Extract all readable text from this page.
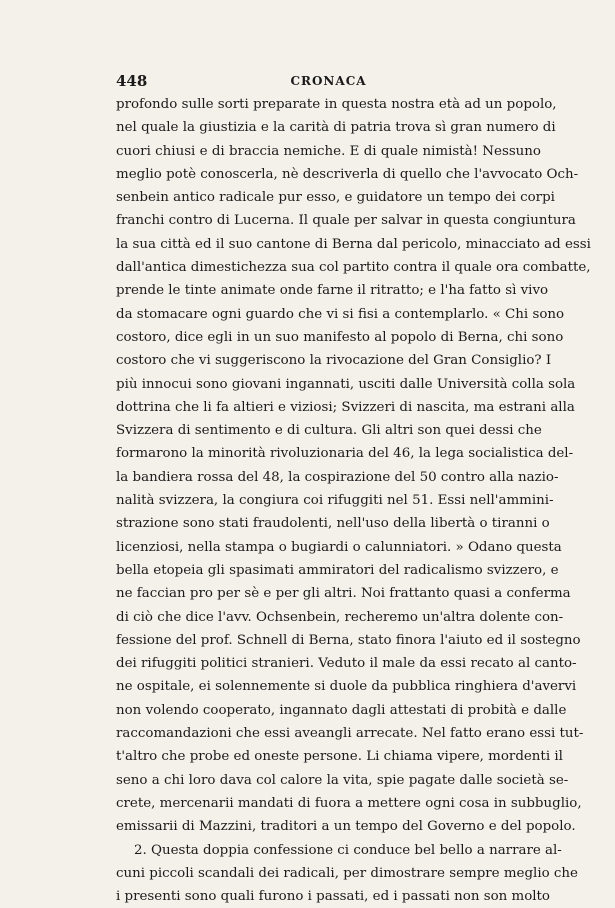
448	CRONACA
profondo sulle sorti preparate in questa nostra età ad un popolo,
nel quale la giustizia e la carità di patria trova sì gran numero di
cuori chiusi e di braccia nemiche. E di quale nimistà! Nessuno
meglio potè conoscerla, nè descriverla di quello che l'avvocato Och-
senbein antico radicale pur esso, e guidatore un tempo dei corpi
franchi contro di Lucerna. Il quale per salvar in questa congiuntura
la sua città ed il suo cantone di Berna dal pericolo, minacciato ad essi
dall'antica dimestichezza sua col partito contra il quale ora combatte,
prende le tinte animate onde farne il ritratto; e l'ha fatto sì vivo
da stomacare ogni guardo che vi si fisi a contemplarlo. « Chi sono
costoro, dice egli in un suo manifesto al popolo di Berna, chi sono
costoro che vi suggeriscono la rivocazione del Gran Consiglio? I
più innocui sono giovani ingannati, usciti dalle Università colla sola
dottrina che li fa altieri e viziosi; Svizzeri di nascita, ma estrani alla
Svizzera di sentimento e di cultura. Gli altri son quei dessi che
formarono la minorità rivoluzionaria del 46, la lega socialistica del-
la bandiera rossa del 48, la cospirazione del 50 contro alla nazio-
nalità svizzera, la congiura coi rifuggiti nel 51. Essi nell'ammini-
strazione sono stati fraudolenti, nell'uso della libertà o tiranni o
licenziosi, nella stampa o bugiardi o calunniatori. » Odano questa
bella etopeia gli spasimati ammiratori del radicalismo svizzero, e
ne faccian pro per sè e per gli altri. Noi frattanto quasi a conferma
di ciò che dice l'avv. Ochsenbein, recheremo un'altra dolente con-
fessione del prof. Schnell di Berna, stato finora l'aiuto ed il sostegno
dei rifuggiti politici stranieri. Veduto il male da essi recato al canto-
ne ospitale, ei solennemente si duole da pubblica ringhiera d'avervi
non volendo cooperato, ingannato dagli attestati di probità e dalle
raccomandazioni che essi aveangli arrecate. Nel fatto erano essi tut-
t'altro che probe ed oneste persone. Li chiama vipere, mordenti il
seno a chi loro dava col calore la vita, spie pagate dalle società se-
crete, mercenarii mandati di fuora a mettere ogni cosa in subbuglio,
emissarii di Mazzini, traditori a un tempo del Governo e del popolo.
2. Questa doppia confessione ci conduce bel bello a narrare al-
cuni piccoli scandali dei radicali, per dimostrare sempre meglio che
i presenti sono quali furono i passati, ed i passati non son molto
